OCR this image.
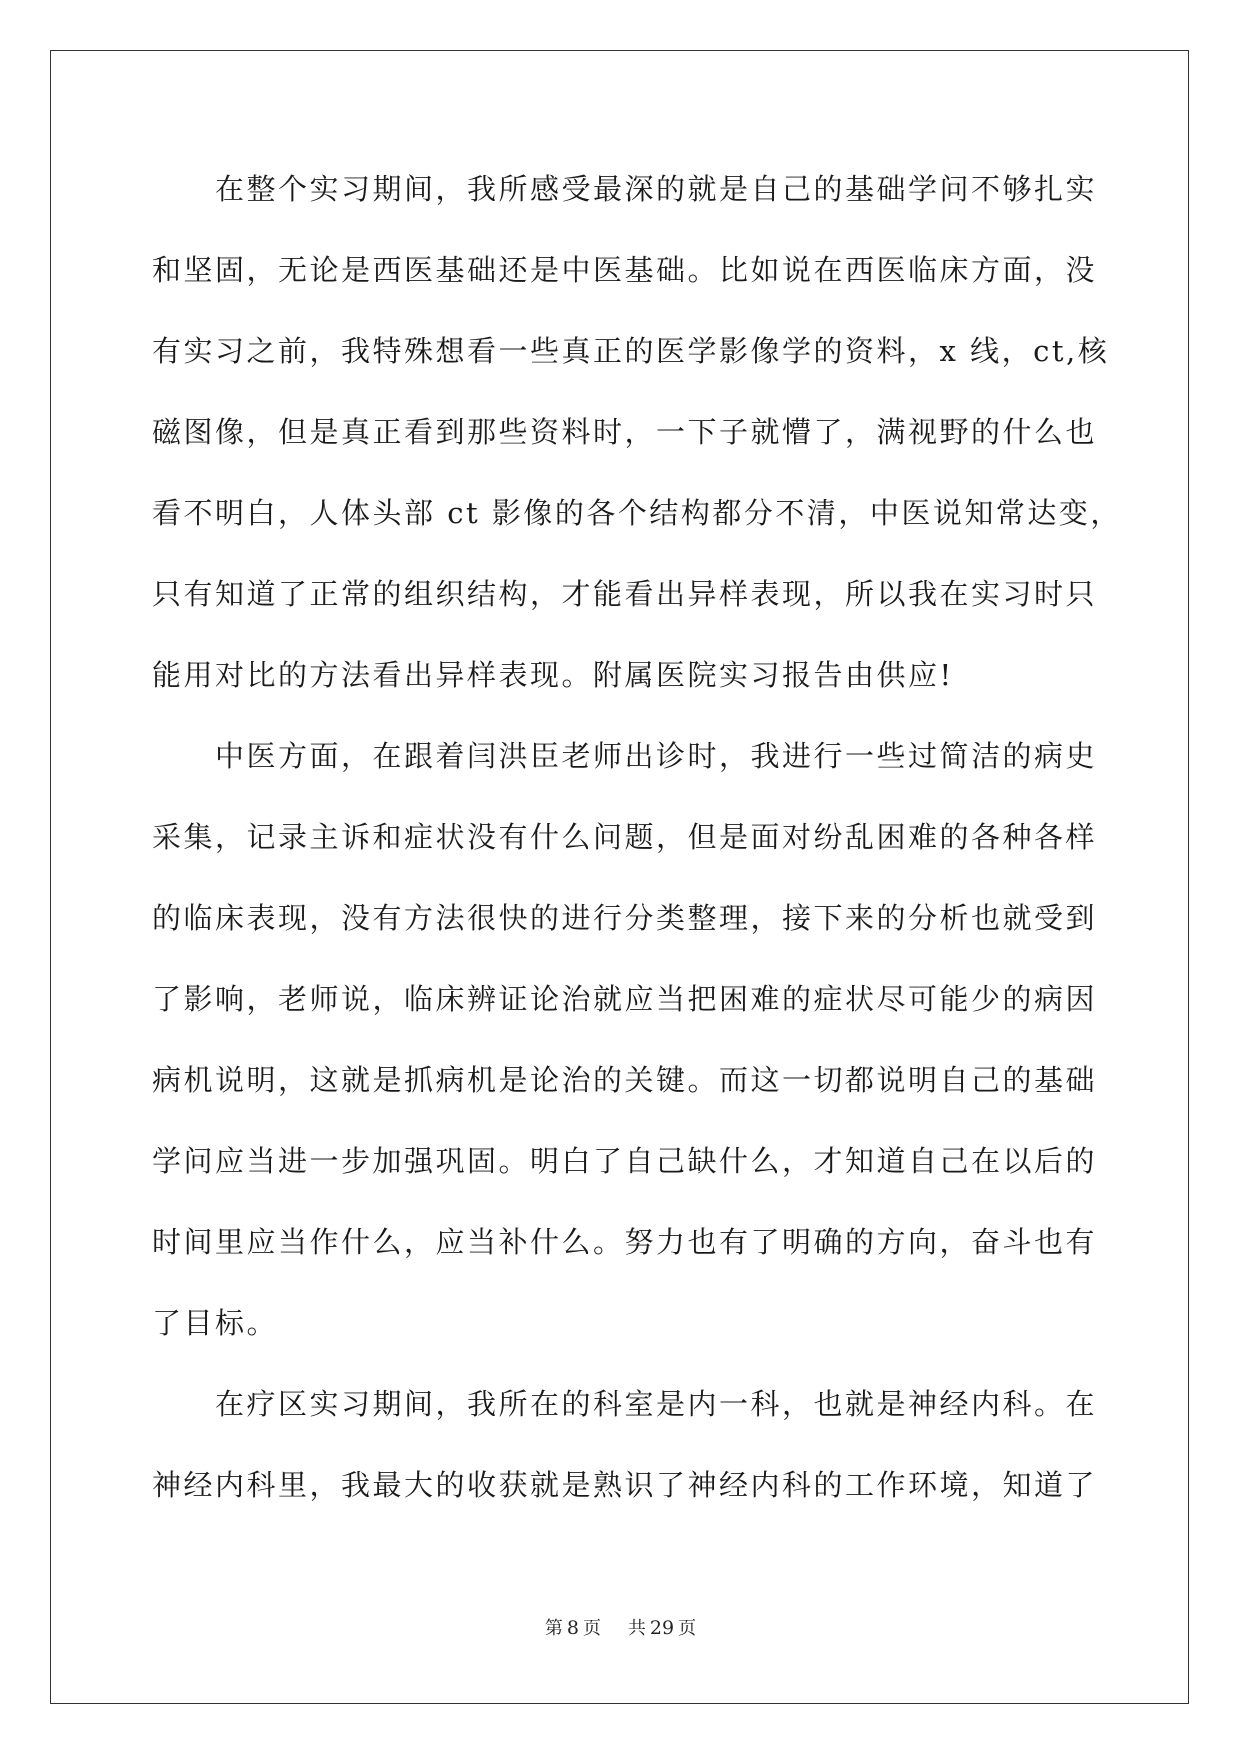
　　在整个实习期间，我所感受最深的就是自己的基础学问不够扎实
和坚固，无论是西医基础还是中医基础。比如说在西医临床方面，没
有实习之前，我特殊想看一些真正的医学影像学的资料，x 线，ct,核
磁图像，但是真正看到那些资料时，一下子就懵了，满视野的什么也
看不明白，人体头部 ct 影像的各个结构都分不清，中医说知常达变，
只有知道了正常的组织结构，才能看出异样表现，所以我在实习时只
能用对比的方法看出异样表现。附属医院实习报告由供应!
　　中医方面，在跟着闫洪臣老师出诊时，我进行一些过简洁的病史
采集，记录主诉和症状没有什么问题，但是面对纷乱困难的各种各样
的临床表现，没有方法很快的进行分类整理，接下来的分析也就受到
了影响，老师说，临床辨证论治就应当把困难的症状尽可能少的病因
病机说明，这就是抓病机是论治的关键。而这一切都说明自己的基础
学问应当进一步加强巩固。明白了自己缺什么，才知道自己在以后的
时间里应当作什么，应当补什么。努力也有了明确的方向，奋斗也有
了目标。
　　在疗区实习期间，我所在的科室是内一科，也就是神经内科。在
神经内科里，我最大的收获就是熟识了神经内科的工作环境，知道了
第 8 页 共 29 页
